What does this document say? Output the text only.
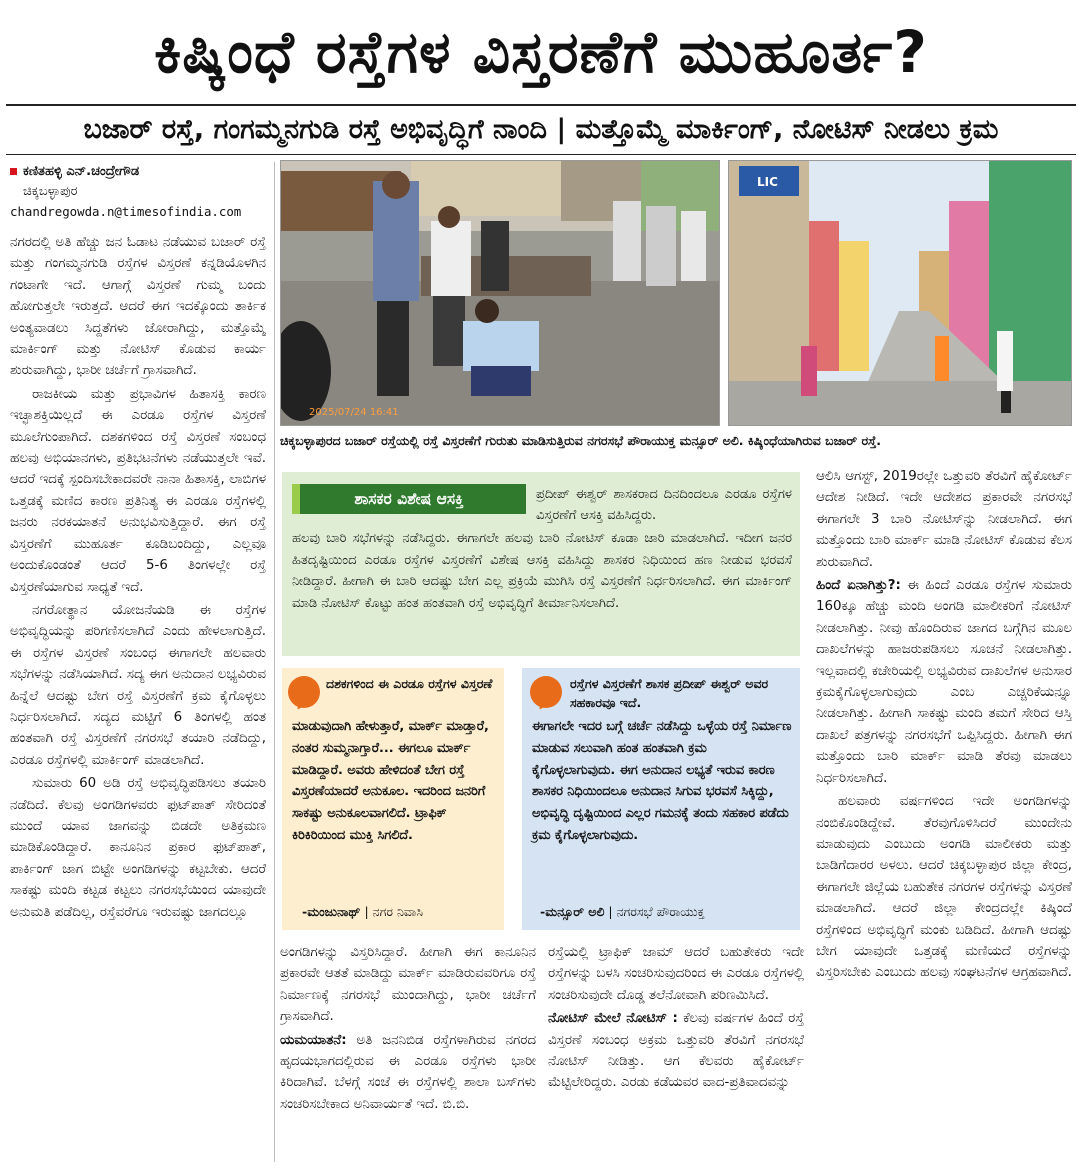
ಕಿಷ್ಕಿಂಧೆ ರಸ್ತೆಗಳ ವಿಸ್ತರಣೆಗೆ ಮುಹೂರ್ತ?
ಬಜಾರ್ ರಸ್ತೆ, ಗಂಗಮ್ಮನಗುಡಿ ರಸ್ತೆ ಅಭಿವೃದ್ಧಿಗೆ ನಾಂದಿ | ಮತ್ತೊಮ್ಮೆ ಮಾರ್ಕಿಂಗ್, ನೋಟಿಸ್ ನೀಡಲು ಕ್ರಮ
ಕಣಿತಹಳ್ಳಿ ಎನ್.ಚಂದ್ರೇಗೌಡ
ಚಿಕ್ಕಬಳ್ಳಾಪುರ
chandregowda.n@timesofindia.com

ನಗರದಲ್ಲಿ ಅತಿ ಹೆಚ್ಚು ಜನ ಓಡಾಟ ನಡೆಯುವ ಬಜಾರ್ ರಸ್ತೆ ಮತ್ತು ಗಂಗಮ್ಮನಗುಡಿ ರಸ್ತೆಗಳ ವಿಸ್ತರಣೆ ಕನ್ನಡಿಯೊಳಗಿನ ಗಂಟಾಗೇ ಇದೆ. ಆಗಾಗ್ಗೆ ವಿಸ್ತರಣೆ ಗುಮ್ಮ ಬಂದು ಹೋಗುತ್ತಲೇ ಇರುತ್ತದೆ. ಆದರೆ ಈಗ ಇದಕ್ಕೊಂದು ತಾರ್ಕಿಕ ಅಂತ್ಯವಾಡಲು ಸಿದ್ದತೆಗಳು ಜೋರಾಗಿದ್ದು, ಮತ್ತೊಮ್ಮೆ ಮಾರ್ಕಿಂಗ್ ಮತ್ತು ನೋಟಿಸ್ ಕೊಡುವ ಕಾರ್ಯ ಶುರುವಾಗಿದ್ದು, ಭಾರೀ ಚರ್ಚೆಗೆ ಗ್ರಾಸವಾಗಿದೆ.

ರಾಜಕೀಯ ಮತ್ತು ಪ್ರಭಾವಿಗಳ ಹಿತಾಸಕ್ತಿ ಕಾರಣ ಇಚ್ಛಾಶಕ್ತಿಯಿಲ್ಲದೆ ಈ ಎರಡೂ ರಸ್ತೆಗಳ ವಿಸ್ತರಣೆ ಮೂಲೆಗುಂಪಾಗಿದೆ. ದಶಕಗಳಿಂದ ರಸ್ತೆ ವಿಸ್ತರಣೆ ಸಂಬಂಧ ಹಲವು ಅಭಿಯಾನಗಳು, ಪ್ರತಿಭಟನೆಗಳು ನಡೆಯುತ್ತಲೇ ಇವೆ. ಆದರೆ ಇದಕ್ಕೆ ಸ್ಪಂದಿಸಬೇಕಾದವರೇ ನಾನಾ ಹಿತಾಸಕ್ತಿ, ಲಾಬಿಗಳ ಒತ್ತಡಕ್ಕೆ ಮಣಿದ ಕಾರಣ ಪ್ರತಿನಿತ್ಯ ಈ ಎರಡೂ ರಸ್ತೆಗಳಲ್ಲಿ ಜನರು ನರಕಯಾತನೆ ಅನುಭವಿಸುತ್ತಿದ್ದಾರೆ. ಈಗ ರಸ್ತೆ ವಿಸ್ತರಣೆಗೆ ಮುಹೂರ್ತ ಕೂಡಿಬಂದಿದ್ದು, ಎಲ್ಲವೂ ಅಂದುಕೊಂಡಂತೆ ಆದರೆ 5-6 ತಿಂಗಳಲ್ಲೇ ರಸ್ತೆ ವಿಸ್ತರಣೆಯಾಗುವ ಸಾಧ್ಯತೆ ಇದೆ.

ನಗರೋತ್ಥಾನ ಯೋಜನೆಯಡಿ ಈ ರಸ್ತೆಗಳ ಅಭಿವೃದ್ಧಿಯನ್ನು ಪರಿಗಣಿಸಲಾಗಿದೆ ಎಂದು ಹೇಳಲಾಗುತ್ತಿದೆ. ಈ ರಸ್ತೆಗಳ ವಿಸ್ತರಣೆ ಸಂಬಂಧ ಈಗಾಗಲೇ ಹಲವಾರು ಸಭೆಗಳನ್ನು ನಡೆಸಿಯಾಗಿದೆ. ಸದ್ಯ ಈಗ ಅನುದಾನ ಲಭ್ಯವಿರುವ ಹಿನ್ನೆಲೆ ಆದಷ್ಟು ಬೇಗ ರಸ್ತೆ ವಿಸ್ತರಣೆಗೆ ಕ್ರಮ ಕೈಗೊಳ್ಳಲು ನಿರ್ಧರಿಸಲಾಗಿದೆ. ಸದ್ಯದ ಮಟ್ಟಿಗೆ 6 ತಿಂಗಳಲ್ಲಿ ಹಂತ ಹಂತವಾಗಿ ರಸ್ತೆ ವಿಸ್ತರಣೆಗೆ ನಗರಸಭೆ ತಯಾರಿ ನಡೆದಿದ್ದು, ಎರಡೂ ರಸ್ತೆಗಳಲ್ಲಿ ಮಾರ್ಕಿಂಗ್ ಮಾಡಲಾಗಿದೆ.

ಸುಮಾರು 60 ಅಡಿ ರಸ್ತೆ ಅಭಿವೃದ್ಧಿಪಡಿಸಲು ತಯಾರಿ ನಡೆದಿದೆ. ಕೆಲವು ಅಂಗಡಿಗಳವರು ಫುಟ್‌ಪಾತ್ ಸೇರಿದಂತೆ ಮುಂದೆ ಯಾವ ಜಾಗವನ್ನು ಬಿಡದೇ ಅತಿಕ್ರಮಣ ಮಾಡಿಕೊಂಡಿದ್ದಾರೆ. ಕಾನೂನಿನ ಪ್ರಕಾರ ಫುಟ್‌ಪಾತ್, ಪಾರ್ಕಿಂಗ್ ಜಾಗ ಬಿಟ್ಟೇ ಅಂಗಡಿಗಳನ್ನು ಕಟ್ಟಬೇಕು. ಆದರೆ ಸಾಕಷ್ಟು ಮಂದಿ ಕಟ್ಟಡ ಕಟ್ಟಲು ನಗರಸಭೆಯಿಂದ ಯಾವುದೇ ಅನುಮತಿ ಪಡೆದಿಲ್ಲ, ರಸ್ತೆವರೆಗೂ ಇರುವಷ್ಟು ಜಾಗದಲ್ಲೂ

2025/07/24 16:41
LIC
ಚಿಕ್ಕಬಳ್ಳಾಪುರದ ಬಜಾರ್ ರಸ್ತೆಯಲ್ಲಿ ರಸ್ತೆ ವಿಸ್ತರಣೆಗೆ ಗುರುತು ಮಾಡಿಸುತ್ತಿರುವ ನಗರಸಭೆ ಪೌರಾಯುಕ್ತ ಮನ್ಸೂರ್ ಅಲಿ. ಕಿಷ್ಕಿಂಧೆಯಾಗಿರುವ ಬಜಾರ್ ರಸ್ತೆ.
ಶಾಸಕರ ವಿಶೇಷ ಆಸಕ್ತಿ	ಪ್ರದೀಪ್ ಈಶ್ವರ್ ಶಾಸಕರಾದ ದಿನದಿಂದಲೂ ಎರಡೂ ರಸ್ತೆಗಳ ವಿಸ್ತರಣೆಗೆ ಆಸಕ್ತಿ ವಹಿಸಿದ್ದರು.
ಹಲವು ಬಾರಿ ಸಭೆಗಳನ್ನು ನಡೆಸಿದ್ದರು. ಈಗಾಗಲೇ ಹಲವು ಬಾರಿ ನೋಟಿಸ್ ಕೂಡಾ ಜಾರಿ ಮಾಡಲಾಗಿದೆ. ಇದೀಗ ಜನರ ಹಿತದೃಷ್ಟಿಯಿಂದ ಎರಡೂ ರಸ್ತೆಗಳ ವಿಸ್ತರಣೆಗೆ ವಿಶೇಷ ಆಸಕ್ತಿ ವಹಿಸಿದ್ದು ಶಾಸಕರ ನಿಧಿಯಿಂದ ಹಣ ನೀಡುವ ಭರವಸೆ ನೀಡಿದ್ದಾರೆ. ಹೀಗಾಗಿ ಈ ಬಾರಿ ಆದಷ್ಟು ಬೇಗ ಎಲ್ಲ ಪ್ರಕ್ರಿಯೆ ಮುಗಿಸಿ ರಸ್ತೆ ವಿಸ್ತರಣೆಗೆ ನಿರ್ಧರಿಸಲಾಗಿದೆ. ಈಗ ಮಾರ್ಕಿಂಗ್ ಮಾಡಿ ನೋಟಿಸ್ ಕೊಟ್ಟು ಹಂತ ಹಂತವಾಗಿ ರಸ್ತೆ ಅಭಿವೃದ್ಧಿಗೆ ತೀರ್ಮಾನಿಸಲಾಗಿದೆ.
ದಶಕಗಳಿಂದ ಈ ಎರಡೂ ರಸ್ತೆಗಳ ವಿಸ್ತರಣೆ
ಮಾಡುವುದಾಗಿ ಹೇಳುತ್ತಾರೆ, ಮಾರ್ಕ್ ಮಾಡ್ತಾರೆ, ನಂತರ ಸುಮ್ಮನಾಗ್ತಾರೆ... ಈಗಲೂ ಮಾರ್ಕ್ ಮಾಡಿದ್ದಾರೆ. ಅವರು ಹೇಳಿದಂತೆ ಬೇಗ ರಸ್ತೆ ವಿಸ್ತರಣೆಯಾದರೆ ಅನುಕೂಲ. ಇದರಿಂದ ಜನರಿಗೆ ಸಾಕಷ್ಟು ಅನುಕೂಲವಾಗಲಿದೆ. ಟ್ರಾಫಿಕ್ ಕಿರಿಕಿರಿಯಿಂದ ಮುಕ್ತಿ ಸಿಗಲಿದೆ.
-ಮಂಜುನಾಥ್ | ನಗರ ನಿವಾಸಿ
ರಸ್ತೆಗಳ ವಿಸ್ತರಣೆಗೆ ಶಾಸಕ ಪ್ರದೀಪ್ ಈಶ್ವರ್ ಅವರ ಸಹಕಾರವೂ ಇದೆ.
ಈಗಾಗಲೇ ಇದರ ಬಗ್ಗೆ ಚರ್ಚೆ ನಡೆಸಿದ್ದು ಒಳ್ಳೆಯ ರಸ್ತೆ ನಿರ್ಮಾಣ ಮಾಡುವ ಸಲುವಾಗಿ ಹಂತ ಹಂತವಾಗಿ ಕ್ರಮ ಕೈಗೊಳ್ಳಲಾಗುವುದು. ಈಗ ಅನುದಾನ ಲಭ್ಯತೆ ಇರುವ ಕಾರಣ ಶಾಸಕರ ನಿಧಿಯಿಂದಲೂ ಅನುದಾನ ಸಿಗುವ ಭರವಸೆ ಸಿಕ್ಕಿದ್ದು, ಅಭಿವೃದ್ಧಿ ದೃಷ್ಟಿಯಿಂದ ಎಲ್ಲರ ಗಮನಕ್ಕೆ ತಂದು ಸಹಕಾರ ಪಡೆದು ಕ್ರಮ ಕೈಗೊಳ್ಳಲಾಗುವುದು.
-ಮನ್ಸೂರ್ ಅಲಿ | ನಗರಸಭೆ ಪೌರಾಯುಕ್ತ

ಅಂಗಡಿಗಳನ್ನು ವಿಸ್ತರಿಸಿದ್ದಾರೆ. ಹೀಗಾಗಿ ಈಗ ಕಾನೂನಿನ ಪ್ರಕಾರವೇ ಆತತೆ ಮಾಡಿದ್ದು ಮಾರ್ಕ್ ಮಾಡಿರುವವರಿಗೂ ರಸ್ತೆ ನಿರ್ಮಾಣಕ್ಕೆ ನಗರಸಭೆ ಮುಂದಾಗಿದ್ದು, ಭಾರೀ ಚರ್ಚೆಗೆ ಗ್ರಾಸವಾಗಿದೆ.

ಯಮಯಾತನೆ: ಅತಿ ಜನನಿಬಿಡ ರಸ್ತೆಗಳಾಗಿರುವ ನಗರದ ಹೃದಯಭಾಗದಲ್ಲಿರುವ ಈ ಎರಡೂ ರಸ್ತೆಗಳು ಭಾರೀ ಕಿರಿದಾಗಿವೆ. ಬೆಳಗ್ಗೆ ಸಂಜೆ ಈ ರಸ್ತೆಗಳಲ್ಲಿ ಶಾಲಾ ಬಸ್‌ಗಳು ಸಂಚರಿಸಬೇಕಾದ ಅನಿವಾರ್ಯತೆ ಇದೆ. ಬಿ.ಬಿ.

ರಸ್ತೆಯಲ್ಲಿ ಟ್ರಾಫಿಕ್ ಜಾಮ್ ಆದರೆ ಬಹುತೇಕರು ಇದೇ ರಸ್ತೆಗಳನ್ನು ಬಳಸಿ ಸಂಚರಿಸುವುದರಿಂದ ಈ ಎರಡೂ ರಸ್ತೆಗಳಲ್ಲಿ ಸಂಚರಿಸುವುದೇ ದೊಡ್ಡ ತಲೆನೋವಾಗಿ ಪರಿಣಮಿಸಿದೆ.

ನೋಟಿಸ್ ಮೇಲೆ ನೋಟಿಸ್ : ಕೆಲವು ವರ್ಷಗಳ ಹಿಂದೆ ರಸ್ತೆ ವಿಸ್ತರಣೆ ಸಂಬಂಧ ಅಕ್ರಮ ಒತ್ತುವರಿ ತೆರವಿಗೆ ನಗರಸಭೆ ನೋಟಿಸ್ ನೀಡಿತ್ತು. ಆಗ ಕೆಲವರು ಹೈಕೋರ್ಟ್ ಮೆಟ್ಟಿಲೇರಿದ್ದರು. ಎರಡು ಕಡೆಯವರ ವಾದ-ಪ್ರತಿವಾದವನ್ನು

ಆಲಿಸಿ ಆಗಸ್ಟ್, 2019ರಲ್ಲೇ ಒತ್ತುವರಿ ತೆರವಿಗೆ ಹೈಕೋರ್ಟ್ ಆದೇಶ ನೀಡಿದೆ. ಇದೇ ಆದೇಶದ ಪ್ರಕಾರವೇ ನಗರಸಭೆ ಈಗಾಗಲೇ 3 ಬಾರಿ ನೋಟಿಸ್‌ನ್ನು ನೀಡಲಾಗಿದೆ. ಈಗ ಮತ್ತೊಂದು ಬಾರಿ ಮಾರ್ಕ್ ಮಾಡಿ ನೋಟಿಸ್ ಕೊಡುವ ಕೆಲಸ ಶುರುವಾಗಿದೆ.

ಹಿಂದೆ ಏನಾಗಿತ್ತು?: ಈ ಹಿಂದೆ ಎರಡೂ ರಸ್ತೆಗಳ ಸುಮಾರು 160ಕ್ಕೂ ಹೆಚ್ಚು ಮಂದಿ ಅಂಗಡಿ ಮಾಲೀಕರಿಗೆ ನೋಟಿಸ್ ನೀಡಲಾಗಿತ್ತು. ನೀವು ಹೊಂದಿರುವ ಜಾಗದ ಬಗ್ಗೆಗಿನ ಮೂಲ ದಾಖಲೆಗಳನ್ನು ಹಾಜರುಪಡಿಸಲು ಸೂಚನೆ ನೀಡಲಾಗಿತ್ತು. ಇಲ್ಲವಾದಲ್ಲಿ ಕಚೇರಿಯಲ್ಲಿ ಲಭ್ಯವಿರುವ ದಾಖಲೆಗಳ ಅನುಸಾರ ಕ್ರಮಕೈಗೊಳ್ಳಲಾಗುವುದು ಎಂಬ ಎಚ್ಚರಿಕೆಯನ್ನೂ ನೀಡಲಾಗಿತ್ತು. ಹೀಗಾಗಿ ಸಾಕಷ್ಟು ಮಂದಿ ತಮಗೆ ಸೇರಿದ ಆಸ್ತಿ ದಾಖಲೆ ಪತ್ರಗಳನ್ನು ನಗರಸಭೆಗೆ ಒಪ್ಪಿಸಿದ್ದರು. ಹೀಗಾಗಿ ಈಗ ಮತ್ತೊಂದು ಬಾರಿ ಮಾರ್ಕ್ ಮಾಡಿ ತೆರವು ಮಾಡಲು ನಿರ್ಧರಿಸಲಾಗಿದೆ.

ಹಲವಾರು ವರ್ಷಗಳಿಂದ ಇದೇ ಅಂಗಡಿಗಳನ್ನು ನಂಬಿಕೊಂಡಿದ್ದೇವೆ. ತೆರವುಗೊಳಿಸಿದರೆ ಮುಂದೇನು ಮಾಡುವುದು ಎಂಬುದು ಅಂಗಡಿ ಮಾಲೀಕರು ಮತ್ತು ಬಾಡಿಗೆದಾರರ ಅಳಲು. ಆದರೆ ಚಿಕ್ಕಬಳ್ಳಾಪುರ ಜಿಲ್ಲಾ ಕೇಂದ್ರ, ಈಗಾಗಲೇ ಜಿಲ್ಲೆಯ ಬಹುತೇಕ ನಗರಗಳ ರಸ್ತೆಗಳನ್ನು ವಿಸ್ತರಣೆ ಮಾಡಲಾಗಿದೆ. ಆದರೆ ಜಿಲ್ಲಾ ಕೇಂದ್ರದಲ್ಲೇ ಕಿಷ್ಕಿಂದೆ ರಸ್ತೆಗಳಿಂದ ಅಭಿವೃದ್ಧಿಗೆ ಮಂಕು ಬಡಿದಿದೆ. ಹೀಗಾಗಿ ಆದಷ್ಟು ಬೇಗ ಯಾವುದೇ ಒತ್ತಡಕ್ಕೆ ಮಣಿಯದೆ ರಸ್ತೆಗಳನ್ನು ವಿಸ್ತರಿಸಬೇಕು ಎಂಬುದು ಹಲವು ಸಂಘಟನೆಗಳ ಆಗ್ರಹವಾಗಿದೆ.
